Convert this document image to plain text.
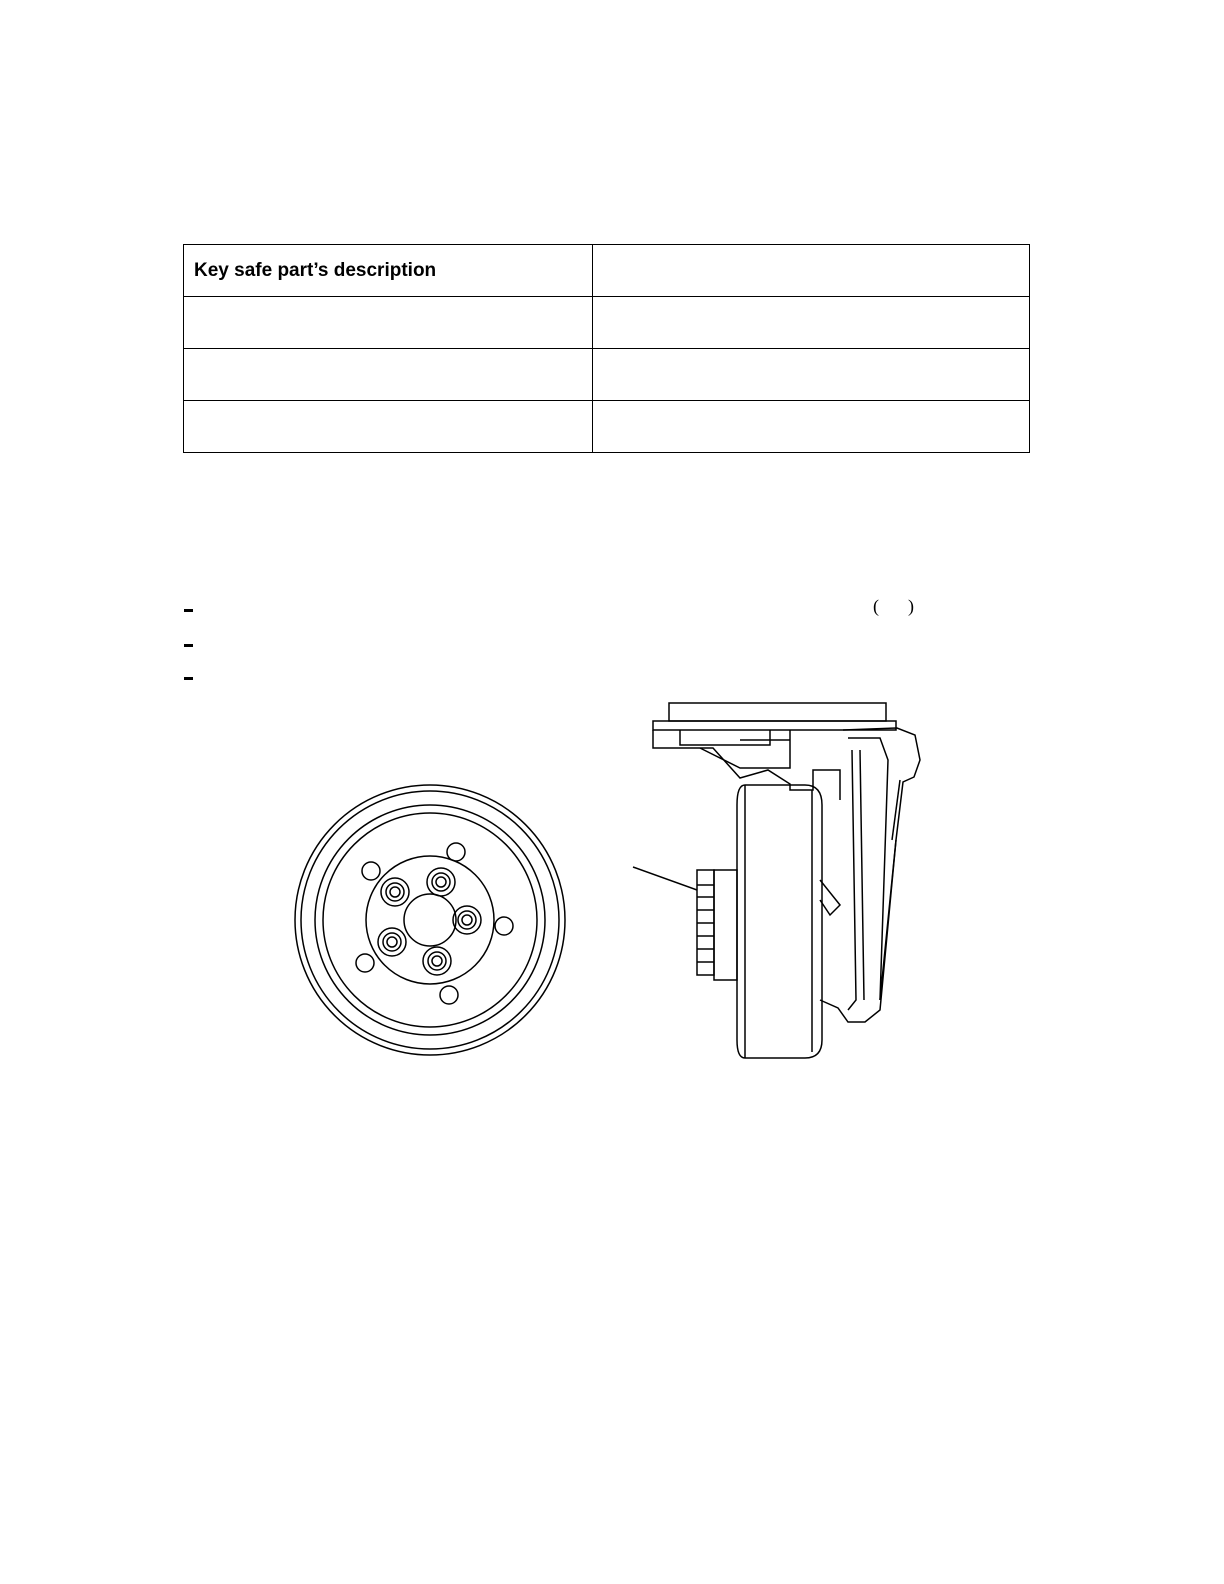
Key safe part’s description	

( )
